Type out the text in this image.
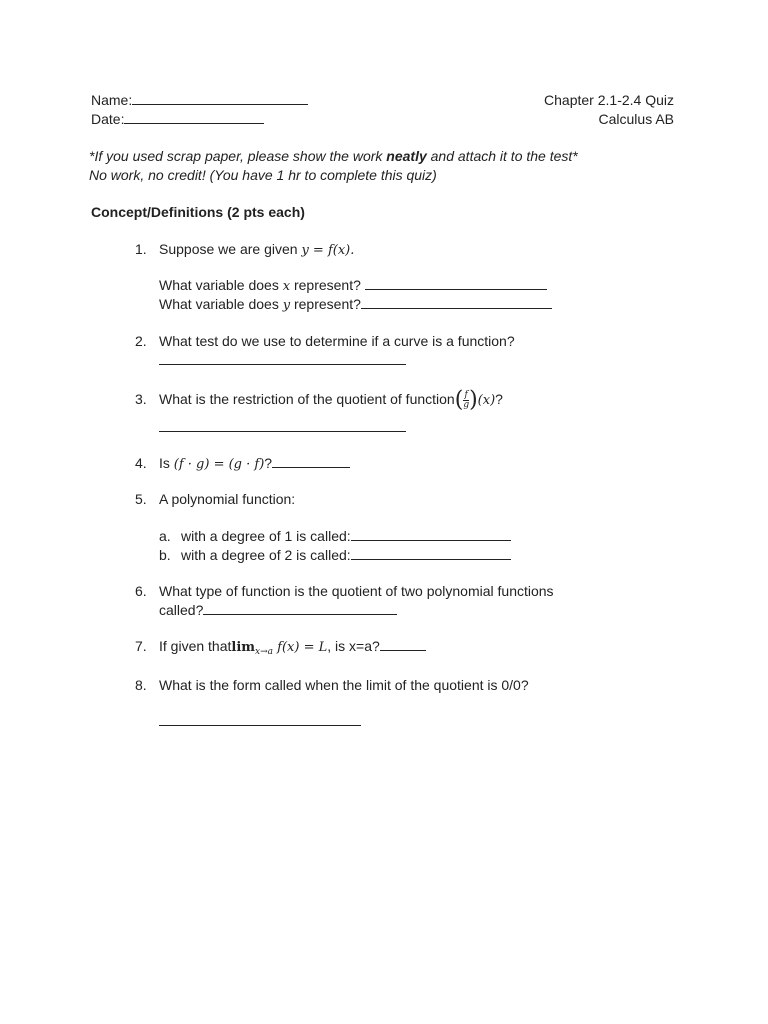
Name:
Date:
Chapter 2.1-2.4 Quiz
Calculus AB
*If you used scrap paper, please show the work neatly and attach it to the test*
No work, no credit! (You have 1 hr to complete this quiz)
Concept/Definitions (2 pts each)
1. Suppose we are given y = f(x).
What variable does x represent?
What variable does y represent?
2. What test do we use to determine if a curve is a function?
3. What is the restriction of the quotient of function( $\frac{f}{g} )(x)$?
4. Is (f · g) = (g · f)?
5. A polynomial function:
a. with a degree of 1 is called:
b. with a degree of 2 is called:
6. What type of function is the quotient of two polynomial functions
called?
7. If given thatlim$_{x\to a}$ f(x) = L, is x=a?
8. What is the form called when the limit of the quotient is 0/0?
